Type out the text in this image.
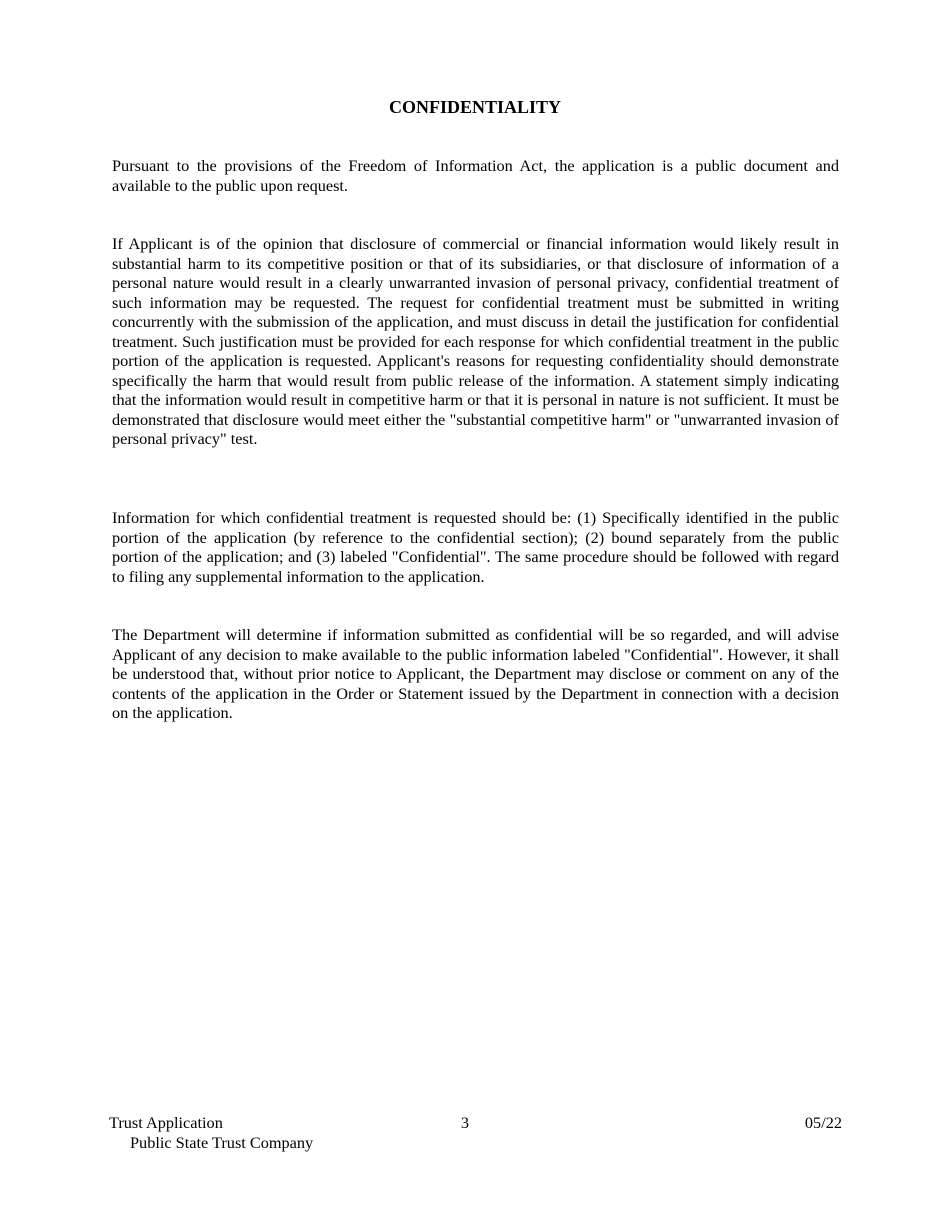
CONFIDENTIALITY

Pursuant to the provisions of the Freedom of Information Act, the application is a public document and available to the public upon request.

If Applicant is of the opinion that disclosure of commercial or financial information would likely result in substantial harm to its competitive position or that of its subsidiaries, or that disclosure of information of a personal nature would result in a clearly unwarranted invasion of personal privacy, confidential treatment of such information may be requested. The request for confidential treatment must be submitted in writing concurrently with the submission of the application, and must discuss in detail the justification for confidential treatment. Such justification must be provided for each response for which confidential treatment in the public portion of the application is requested. Applicant's reasons for requesting confidentiality should demonstrate specifically the harm that would result from public release of the information. A statement simply indicating that the information would result in competitive harm or that it is personal in nature is not sufficient. It must be demonstrated that disclosure would meet either the "substantial competitive harm" or "unwarranted invasion of personal privacy" test.

Information for which confidential treatment is requested should be: (1) Specifically identified in the public portion of the application (by reference to the confidential section); (2) bound separately from the public portion of the application; and (3) labeled "Confidential". The same procedure should be followed with regard to filing any supplemental information to the application.

The Department will determine if information submitted as confidential will be so regarded, and will advise Applicant of any decision to make available to the public information labeled "Confidential". However, it shall be understood that, without prior notice to Applicant, the Department may disclose or comment on any of the contents of the application in the Order or Statement issued by the Department in connection with a decision on the application.

Trust Application
Public State Trust Company
3	05/22
